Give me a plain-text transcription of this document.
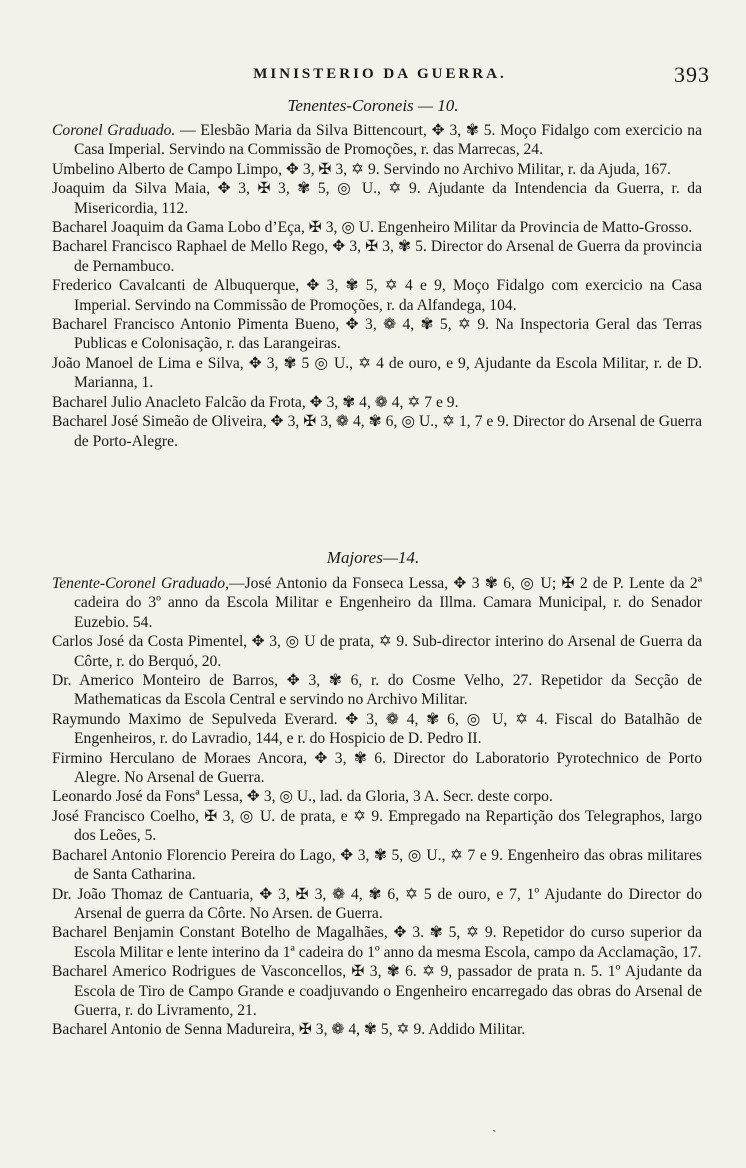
MINISTERIO DA GUERRA.	393
Tenentes-Coroneis — 10.

Coronel Graduado. — Elesbão Maria da Silva Bittencourt, ✥ 3, ✾ 5. Moço Fidalgo com exercicio na Casa Imperial. Servindo na Commissão de Promoções, r. das Marrecas, 24.

Umbelino Alberto de Campo Limpo, ✥ 3, ✠ 3, ✡ 9. Servindo no Archivo Militar, r. da Ajuda, 167.

Joaquim da Silva Maia, ✥ 3, ✠ 3, ✾ 5, ◎ U., ✡ 9. Ajudante da Intendencia da Guerra, r. da Misericordia, 112.

Bacharel Joaquim da Gama Lobo d’Eça, ✠ 3, ◎ U. Engenheiro Militar da Provincia de Matto-Grosso.

Bacharel Francisco Raphael de Mello Rego, ✥ 3, ✠ 3, ✾ 5. Director do Arsenal de Guerra da provincia de Pernambuco.

Frederico Cavalcanti de Albuquerque, ✥ 3, ✾ 5, ✡ 4 e 9, Moço Fidalgo com exercicio na Casa Imperial. Servindo na Commissão de Promoções, r. da Alfandega, 104.

Bacharel Francisco Antonio Pimenta Bueno, ✥ 3, ❁ 4, ✾ 5, ✡ 9. Na Inspectoria Geral das Terras Publicas e Colonisação, r. das Larangeiras.

João Manoel de Lima e Silva, ✥ 3, ✾ 5 ◎ U., ✡ 4 de ouro, e 9, Ajudante da Escola Militar, r. de D. Marianna, 1.

Bacharel Julio Anacleto Falcão da Frota, ✥ 3, ✾ 4, ❁ 4, ✡ 7 e 9.

Bacharel José Simeão de Oliveira, ✥ 3, ✠ 3, ❁ 4, ✾ 6, ◎ U., ✡ 1, 7 e 9. Director do Arsenal de Guerra de Porto-Alegre.

Majores—14.

Tenente-Coronel Graduado,—José Antonio da Fonseca Lessa, ✥ 3 ✾ 6, ◎ U; ✠ 2 de P. Lente da 2ª cadeira do 3º anno da Escola Militar e Engenheiro da Illma. Camara Municipal, r. do Senador Euzebio. 54.

Carlos José da Costa Pimentel, ✥ 3, ◎ U de prata, ✡ 9. Sub-director interino do Arsenal de Guerra da Côrte, r. do Berquó, 20.

Dr. Americo Monteiro de Barros, ✥ 3, ✾ 6, r. do Cosme Velho, 27. Repetidor da Secção de Mathematicas da Escola Central e servindo no Archivo Militar.

Raymundo Maximo de Sepulveda Everard. ✥ 3, ❁ 4, ✾ 6, ◎ U, ✡ 4. Fiscal do Batalhão de Engenheiros, r. do Lavradio, 144, e r. do Hospicio de D. Pedro II.

Firmino Herculano de Moraes Ancora, ✥ 3, ✾ 6. Director do Laboratorio Pyrotechnico de Porto Alegre. No Arsenal de Guerra.

Leonardo José da Fonsª Lessa, ✥ 3, ◎ U., lad. da Gloria, 3 A. Secr. deste corpo.

José Francisco Coelho, ✠ 3, ◎ U. de prata, e ✡ 9. Empregado na Repartição dos Telegraphos, largo dos Leões, 5.

Bacharel Antonio Florencio Pereira do Lago, ✥ 3, ✾ 5, ◎ U., ✡ 7 e 9. Engenheiro das obras militares de Santa Catharina.

Dr. João Thomaz de Cantuaria, ✥ 3, ✠ 3, ❁ 4, ✾ 6, ✡ 5 de ouro, e 7, 1º Ajudante do Director do Arsenal de guerra da Côrte. No Arsen. de Guerra.

Bacharel Benjamin Constant Botelho de Magalhães, ✥ 3. ✾ 5, ✡ 9. Repetidor do curso superior da Escola Militar e lente interino da 1ª cadeira do 1º anno da mesma Escola, campo da Acclamação, 17.

Bacharel Americo Rodrigues de Vasconcellos, ✠ 3, ✾ 6. ✡ 9, passador de prata n. 5. 1º Ajudante da Escola de Tiro de Campo Grande e coadjuvando o Engenheiro encarregado das obras do Arsenal de Guerra, r. do Livramento, 21.

Bacharel Antonio de Senna Madureira, ✠ 3, ❁ 4, ✾ 5, ✡ 9. Addido Militar.

ˏ
